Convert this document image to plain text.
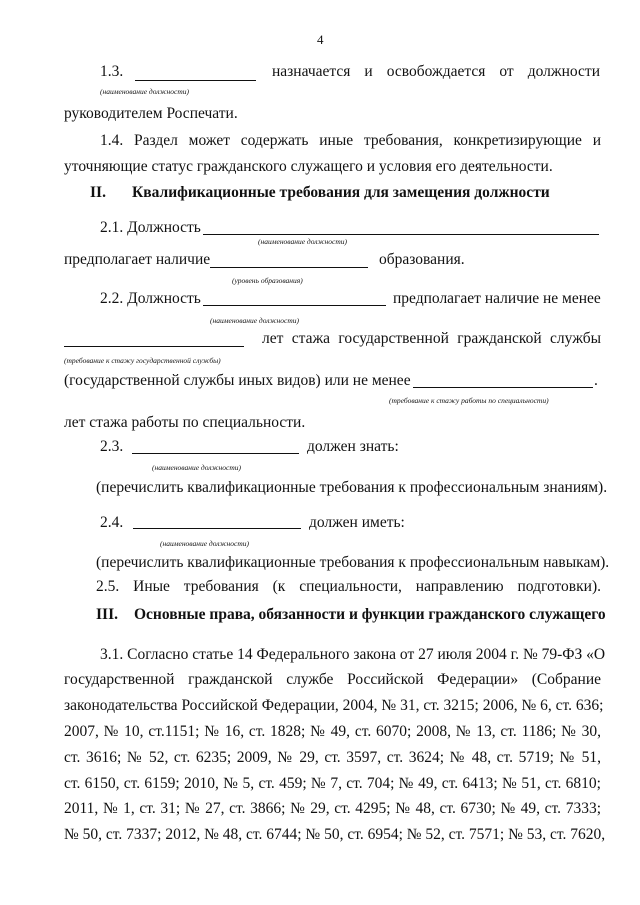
4
1.3.	назначается и освобождается от должности
(наименование должности)
руководителем Роспечати.
1.4. Раздел может содержать иные требования, конкретизирующие и
уточняющие статус гражданского служащего и условия его деятельности.
II. Квалификационные требования для замещения должности
2.1. Должность
(наименование должности)
предполагает наличие	образования.
(уровень образования)
2.2. Должность	предполагает наличие не менее
(наименование должности)
лет стажа государственной гражданской службы
(требование к стажу государственной службы)
(государственной службы иных видов) или не менее	.
(требование к стажу работы по специальности)
лет стажа работы по специальности.
2.3.	должен знать:
(наименование должности)
(перечислить квалификационные требования к профессиональным знаниям).
2.4.	должен иметь:
(наименование должности)
(перечислить квалификационные требования к профессиональным навыкам).
2.5. Иные требования (к специальности, направлению подготовки).
III. Основные права, обязанности и функции гражданского служащего
3.1. Согласно статье 14 Федерального закона от 27 июля 2004 г. № 79-ФЗ «О
государственной гражданской службе Российской Федерации» (Собрание
законодательства Российской Федерации, 2004, № 31, ст. 3215; 2006, № 6, ст. 636;
2007, № 10, ст.1151; № 16, ст. 1828; № 49, ст. 6070; 2008, № 13, ст. 1186; № 30,
ст. 3616; № 52, ст. 6235; 2009, № 29, ст. 3597, ст. 3624; № 48, ст. 5719; № 51,
ст. 6150, ст. 6159; 2010, № 5, ст. 459; № 7, ст. 704; № 49, ст. 6413; № 51, ст. 6810;
2011, № 1, ст. 31; № 27, ст. 3866; № 29, ст. 4295; № 48, ст. 6730; № 49, ст. 7333;
№ 50, ст. 7337; 2012, № 48, ст. 6744; № 50, ст. 6954; № 52, ст. 7571; № 53, ст. 7620,
